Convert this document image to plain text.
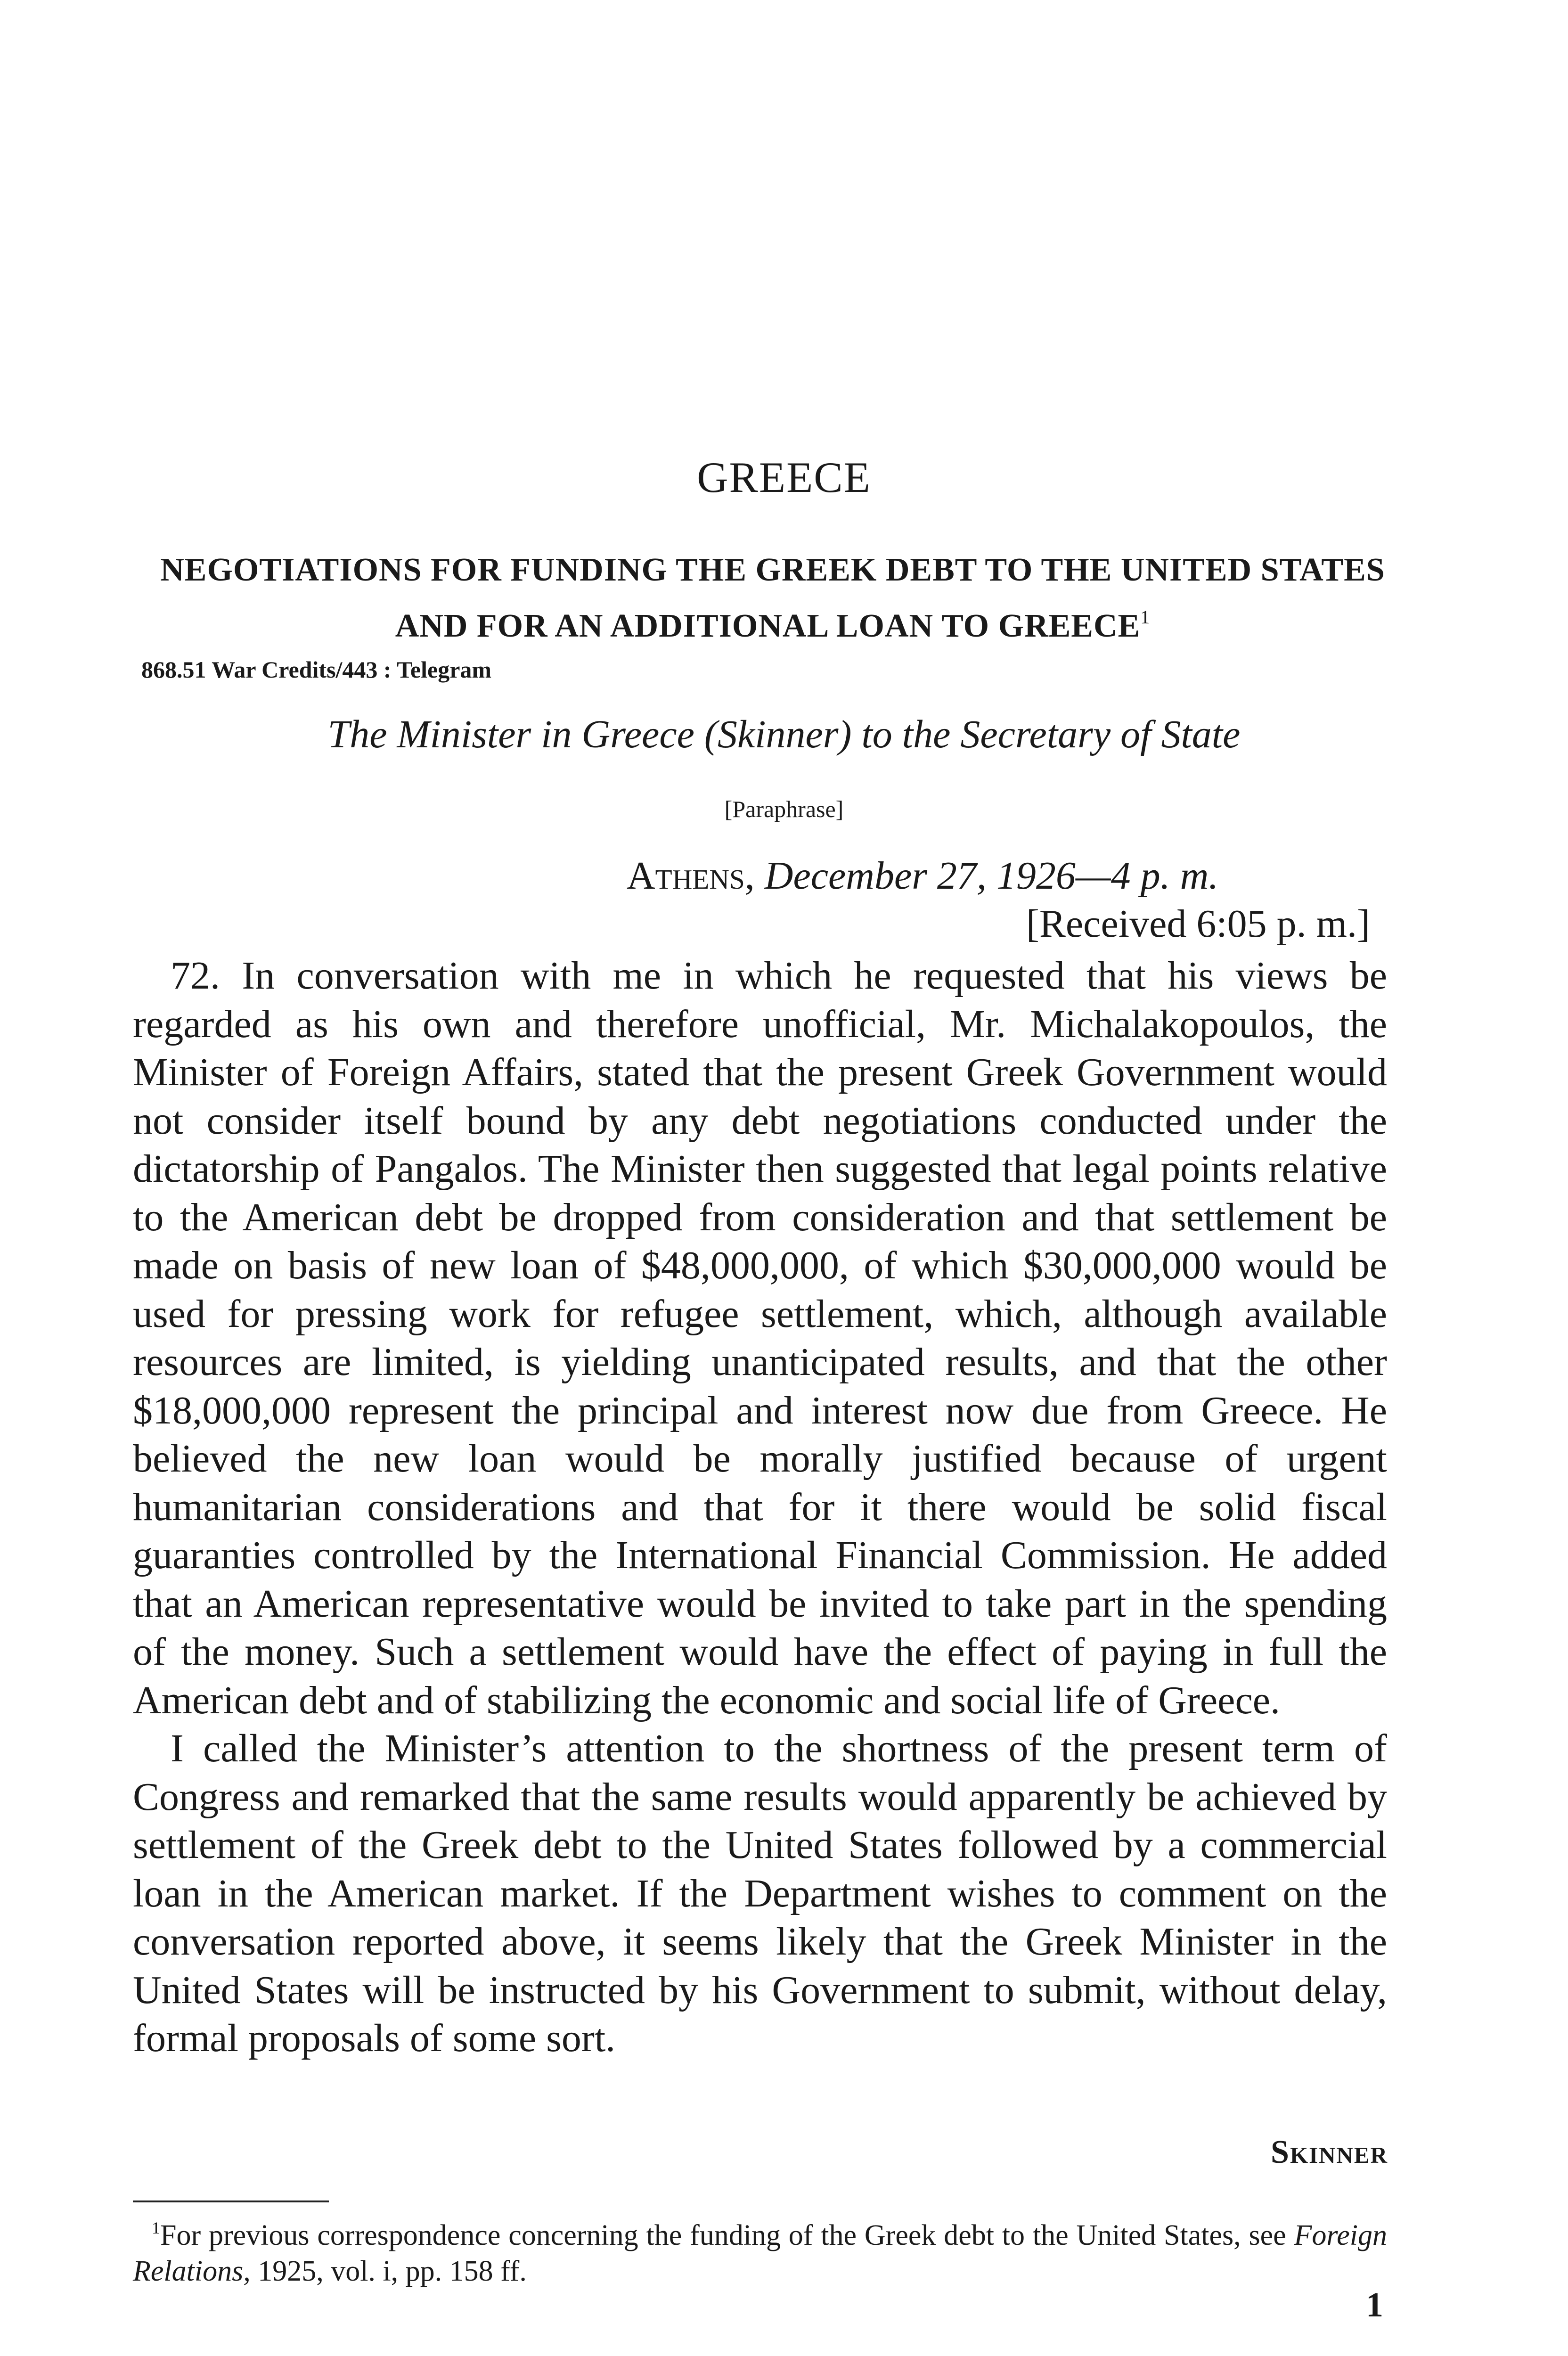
GREECE
NEGOTIATIONS FOR FUNDING THE GREEK DEBT TO THE UNITED STATES AND FOR AN ADDITIONAL LOAN TO GREECE$^1$
868.51 War Credits/443 : Telegram
The Minister in Greece (Skinner) to the Secretary of State
[Paraphrase]
Athens, December 27, 1926—4 p. m.
[Received 6:05 p. m.]

72. In conversation with me in which he requested that his views be regarded as his own and therefore unofficial, Mr. Michalakopoulos, the Minister of Foreign Affairs, stated that the present Greek Government would not consider itself bound by any debt negotiations conducted under the dictatorship of Pangalos. The Minister then suggested that legal points relative to the American debt be dropped from consideration and that settlement be made on basis of new loan of $48,000,000, of which $30,000,000 would be used for pressing work for refugee settlement, which, although available resources are limited, is yielding unanticipated results, and that the other $18,000,000 represent the principal and interest now due from Greece. He believed the new loan would be morally justified because of urgent humanitarian considerations and that for it there would be solid fiscal guaranties controlled by the International Financial Commission. He added that an American representative would be invited to take part in the spending of the money. Such a settlement would have the effect of paying in full the American debt and of stabilizing the economic and social life of Greece.

I called the Minister’s attention to the shortness of the present term of Congress and remarked that the same results would apparently be achieved by settlement of the Greek debt to the United States followed by a commercial loan in the American market. If the Department wishes to comment on the conversation reported above, it seems likely that the Greek Minister in the United States will be instructed by his Government to submit, without delay, formal proposals of some sort.

Skinner
$^1$For previous correspondence concerning the funding of the Greek debt to the United States, see Foreign Relations, 1925, vol. i, pp. 158 ff.
1
